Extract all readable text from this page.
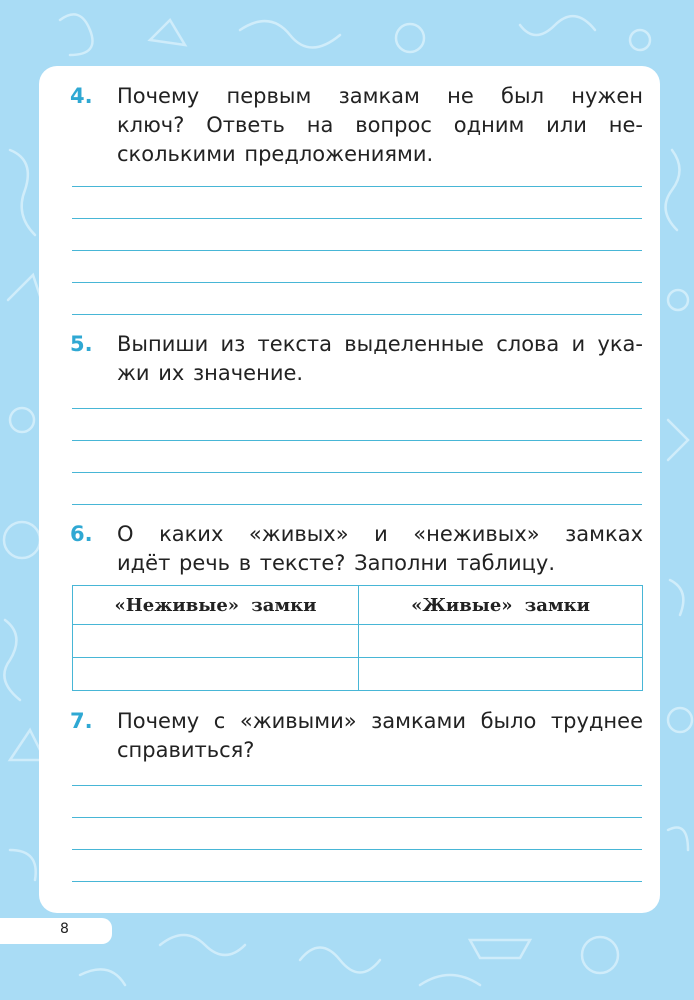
4. Почему первым замкам не был нужен
ключ? Ответь на вопрос одним или не-
сколькими предложениями.
5. Выпиши из текста выделенные слова и ука-
жи их значение.
6. О каких «живых» и «неживых» замках
идёт речь в тексте? Заполни таблицу.
«Неживые» замки	«Живые» замки

7. Почему с «живыми» замками было труднее
справиться?
8
